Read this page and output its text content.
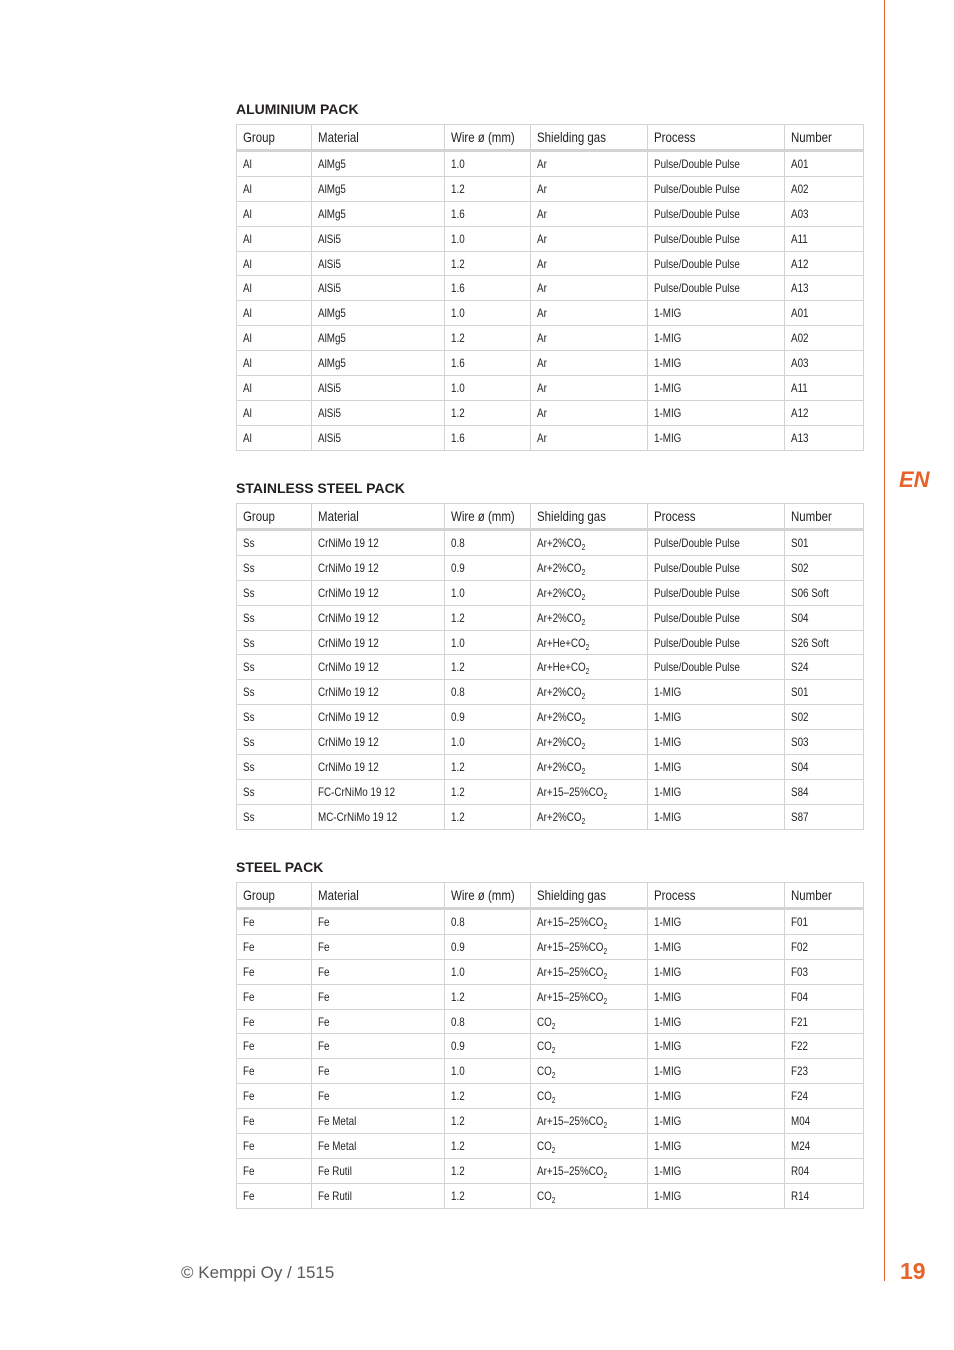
EN
ALUMINIUM PACK
Group	Material	Wire ø (mm)	Shielding gas	Process	Number
Al	AlMg5	1.0	Ar	Pulse/Double Pulse	A01
Al	AlMg5	1.2	Ar	Pulse/Double Pulse	A02
Al	AlMg5	1.6	Ar	Pulse/Double Pulse	A03
Al	AlSi5	1.0	Ar	Pulse/Double Pulse	A11
Al	AlSi5	1.2	Ar	Pulse/Double Pulse	A12
Al	AlSi5	1.6	Ar	Pulse/Double Pulse	A13
Al	AlMg5	1.0	Ar	1-MIG	A01
Al	AlMg5	1.2	Ar	1-MIG	A02
Al	AlMg5	1.6	Ar	1-MIG	A03
Al	AlSi5	1.0	Ar	1-MIG	A11
Al	AlSi5	1.2	Ar	1-MIG	A12
Al	AlSi5	1.6	Ar	1-MIG	A13
STAINLESS STEEL PACK
Group	Material	Wire ø (mm)	Shielding gas	Process	Number
Ss	CrNiMo 19 12	0.8	$Ar+2\%CO_2$	Pulse/Double Pulse	S01
Ss	CrNiMo 19 12	0.9	$Ar+2\%CO_2$	Pulse/Double Pulse	S02
Ss	CrNiMo 19 12	1.0	$Ar+2\%CO_2$	Pulse/Double Pulse	S06 Soft
Ss	CrNiMo 19 12	1.2	$Ar+2\%CO_2$	Pulse/Double Pulse	S04
Ss	CrNiMo 19 12	1.0	$Ar+He+CO_2$	Pulse/Double Pulse	S26 Soft
Ss	CrNiMo 19 12	1.2	$Ar+He+CO_2$	Pulse/Double Pulse	S24
Ss	CrNiMo 19 12	0.8	$Ar+2\%CO_2$	1-MIG	S01
Ss	CrNiMo 19 12	0.9	$Ar+2\%CO_2$	1-MIG	S02
Ss	CrNiMo 19 12	1.0	$Ar+2\%CO_2$	1-MIG	S03
Ss	CrNiMo 19 12	1.2	$Ar+2\%CO_2$	1-MIG	S04
Ss	FC-CrNiMo 19 12	1.2	$Ar+15-25\%CO_2$	1-MIG	S84
Ss	MC-CrNiMo 19 12	1.2	$Ar+2\%CO_2$	1-MIG	S87
STEEL PACK
Group	Material	Wire ø (mm)	Shielding gas	Process	Number
Fe	Fe	0.8	$Ar+15-25\%CO_2$	1-MIG	F01
Fe	Fe	0.9	$Ar+15-25\%CO_2$	1-MIG	F02
Fe	Fe	1.0	$Ar+15-25\%CO_2$	1-MIG	F03
Fe	Fe	1.2	$Ar+15-25\%CO_2$	1-MIG	F04
Fe	Fe	0.8	$CO_2$	1-MIG	F21
Fe	Fe	0.9	$CO_2$	1-MIG	F22
Fe	Fe	1.0	$CO_2$	1-MIG	F23
Fe	Fe	1.2	$CO_2$	1-MIG	F24
Fe	Fe Metal	1.2	$Ar+15-25\%CO_2$	1-MIG	M04
Fe	Fe Metal	1.2	$CO_2$	1-MIG	M24
Fe	Fe Rutil	1.2	$Ar+15-25\%CO_2$	1-MIG	R04
Fe	Fe Rutil	1.2	$CO_2$	1-MIG	R14
© Kemppi Oy / 1515	19
